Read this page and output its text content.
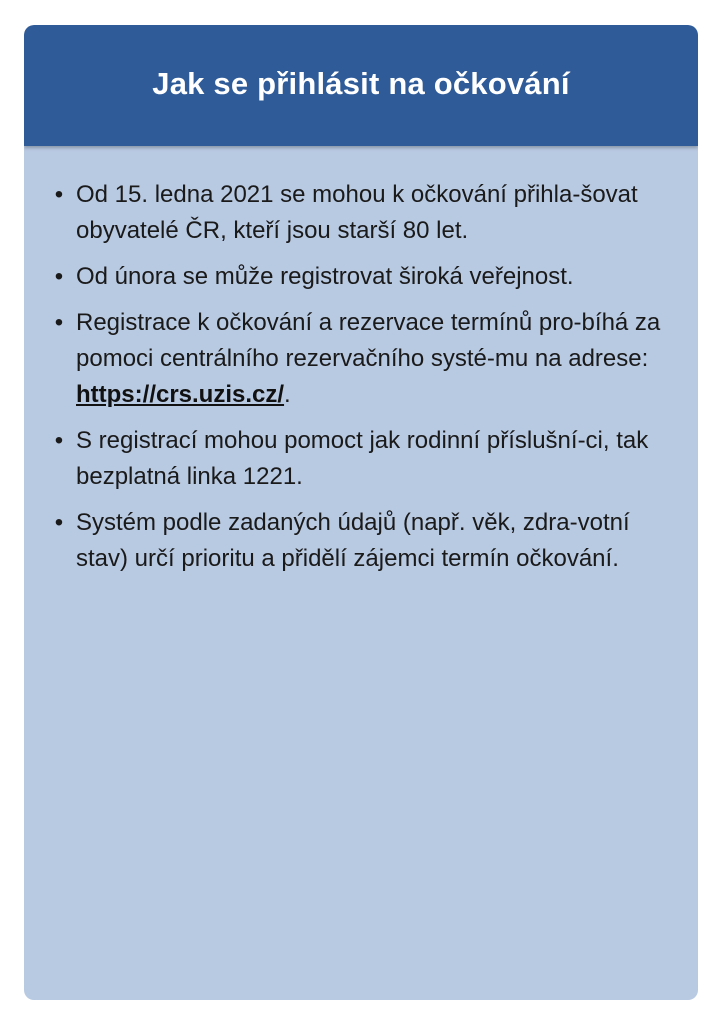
Jak se přihlásit na očkování
• Od 15. ledna 2021 se mohou k očkování přihla-šovat obyvatelé ČR, kteří jsou starší 80 let.
• Od února se může registrovat široká veřejnost.
• Registrace k očkování a rezervace termínů pro-bíhá za pomoci centrálního rezervačního systé-mu na adrese: https://crs.uzis.cz/.
• S registrací mohou pomoct jak rodinní příslušní-ci, tak bezplatná linka 1221.
• Systém podle zadaných údajů (např. věk, zdra-votní stav) určí prioritu a přidělí zájemci termín očkování.
